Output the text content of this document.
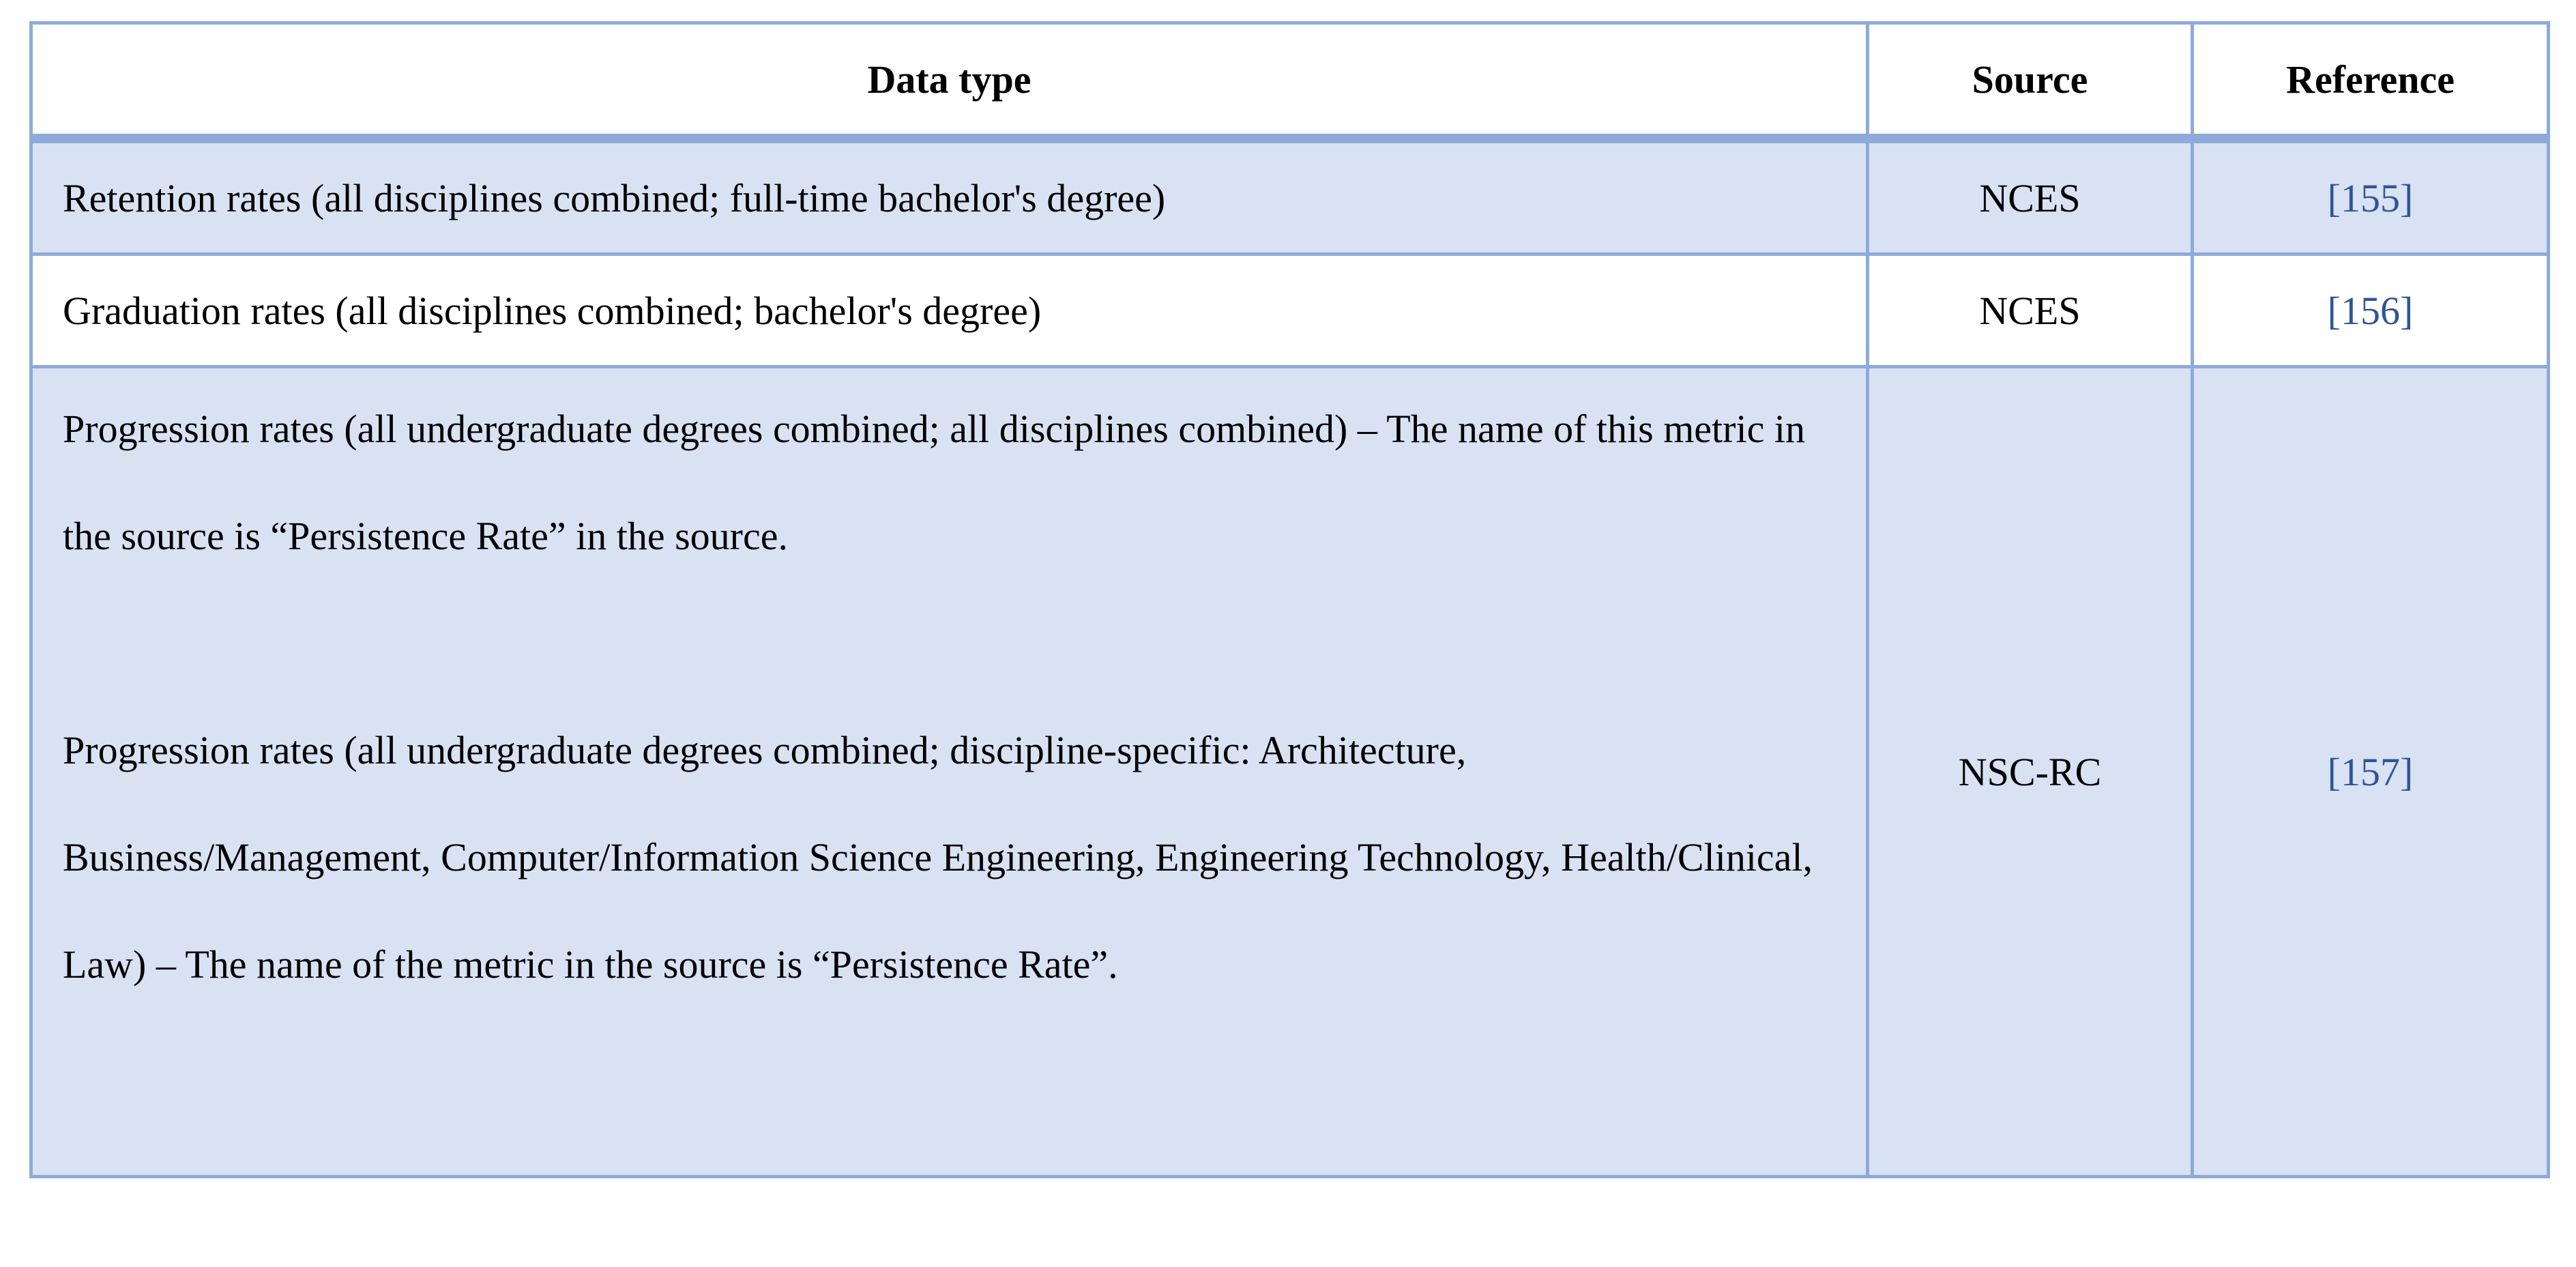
Data type	Source	Reference
Retention rates (all disciplines combined; full-time bachelor's degree)	NCES	[155]
Graduation rates (all disciplines combined; bachelor's degree)	NCES	[156]

Progression rates (all undergraduate degrees combined; all disciplines combined) – The name of this metric in the source is “Persistence Rate” in the source.
Progression rates (all undergraduate degrees combined; discipline-specific: Architecture, Business/Management, Computer/Information Science Engineering, Engineering Technology, Health/Clinical, Law) – The name of the metric in the source is “Persistence Rate”.	NSC-RC	[157]
